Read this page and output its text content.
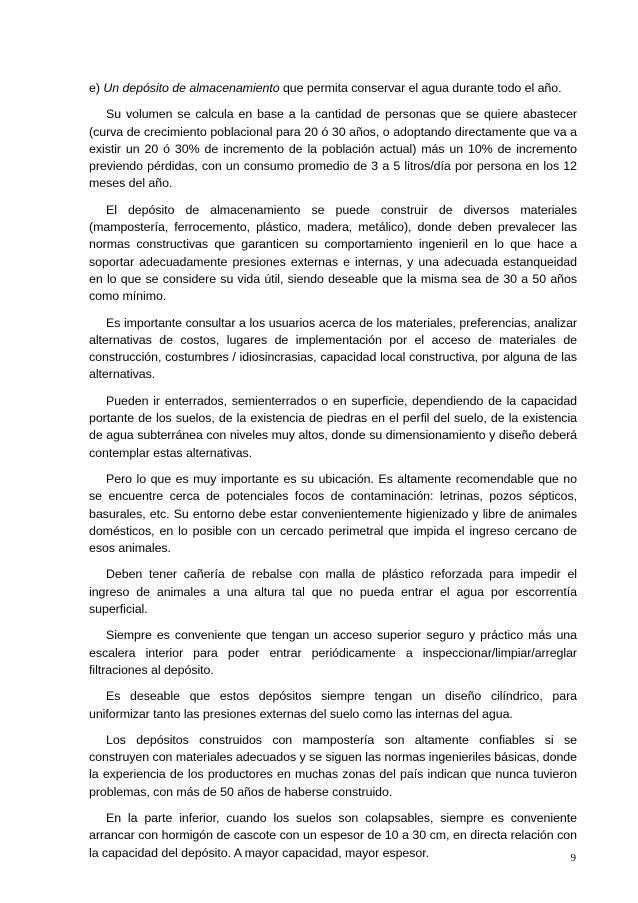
e) Un depósito de almacenamiento que permita conservar el agua durante todo el año.

Su volumen se calcula en base a la cantidad de personas que se quiere abastecer (curva de crecimiento poblacional para 20 ó 30 años, o adoptando directamente que va a existir un 20 ó 30% de incremento de la población actual) más un 10% de incremento previendo pérdidas, con un consumo promedio de 3 a 5 litros/día por persona en los 12 meses del año.

El depósito de almacenamiento se puede construir de diversos materiales (mampostería, ferrocemento, plástico, madera, metálico), donde deben prevalecer las normas constructivas que garanticen su comportamiento ingenieril en lo que hace a soportar adecuadamente presiones externas e internas, y una adecuada estanqueidad en lo que se considere su vida útil, siendo deseable que la misma sea de 30 a 50 años como mínimo.

Es importante consultar a los usuarios acerca de los materiales, preferencias, analizar alternativas de costos, lugares de implementación por el acceso de materiales de construcción, costumbres / idiosincrasias, capacidad local constructiva, por alguna de las alternativas.

Pueden ir enterrados, semienterrados o en superficie, dependiendo de la capacidad portante de los suelos, de la existencia de piedras en el perfil del suelo, de la existencia de agua subterránea con niveles muy altos, donde su dimensionamiento y diseño deberá contemplar estas alternativas.

Pero lo que es muy importante es su ubicación. Es altamente recomendable que no se encuentre cerca de potenciales focos de contaminación: letrinas, pozos sépticos, basurales, etc. Su entorno debe estar convenientemente higienizado y libre de animales domésticos, en lo posible con un cercado perimetral que impida el ingreso cercano de esos animales.

Deben tener cañería de rebalse con malla de plástico reforzada para impedir el ingreso de animales a una altura tal que no pueda entrar el agua por escorrentía superficial.

Siempre es conveniente que tengan un acceso superior seguro y práctico más una escalera interior para poder entrar periódicamente a inspeccionar/limpiar/arreglar filtraciones al depósito.

Es deseable que estos depósitos siempre tengan un diseño cilíndrico, para uniformizar tanto las presiones externas del suelo como las internas del agua.

Los depósitos construidos con mampostería son altamente confiables si se construyen con materiales adecuados y se siguen las normas ingenieriles básicas, donde la experiencia de los productores en muchas zonas del país indican que nunca tuvieron problemas, con más de 50 años de haberse construido.

En la parte inferior, cuando los suelos son colapsables, siempre es conveniente arrancar con hormigón de cascote con un espesor de 10 a 30 cm, en directa relación con la capacidad del depósito. A mayor capacidad, mayor espesor.	9
